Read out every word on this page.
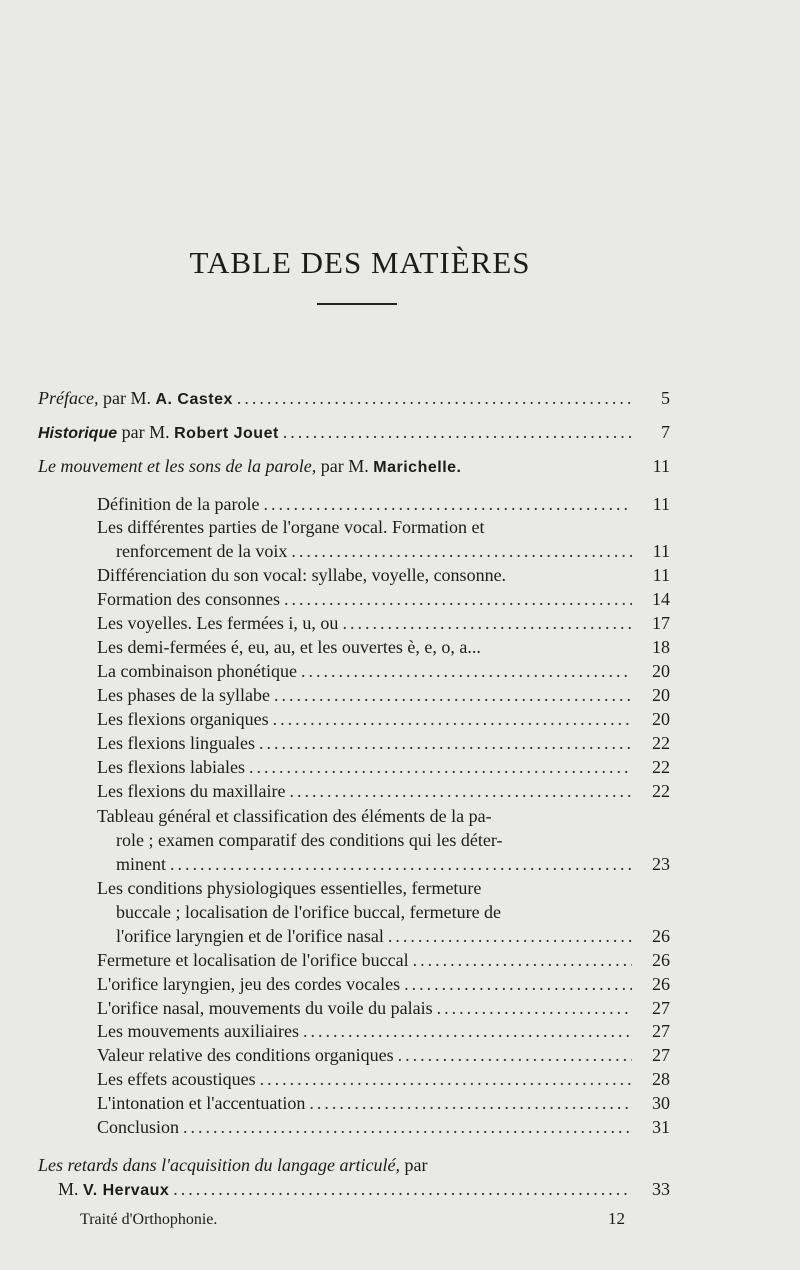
TABLE DES MATIÈRES
Préface, par M. A. Castex .....	5
Historique par M. Robert Jouet .....	7
Le mouvement et les sons de la parole, par M. Marichelle.	11
Définition de la parole .....	11
Les différentes parties de l'organe vocal. Formation et
renforcement de la voix .....	11
Différenciation du son vocal: syllabe, voyelle, consonne.	11
Formation des consonnes .....	14
Les voyelles. Les fermées i, u, ou .....	17
Les demi-fermées é, eu, au, et les ouvertes è, e, o, a...	18
La combinaison phonétique .....	20
Les phases de la syllabe .....	20
Les flexions organiques .....	20
Les flexions linguales .....	22
Les flexions labiales .....	22
Les flexions du maxillaire .....	22
Tableau général et classification des éléments de la pa-
role ; examen comparatif des conditions qui les déter-
minent .....	23
Les conditions physiologiques essentielles, fermeture
buccale ; localisation de l'orifice buccal, fermeture de
l'orifice laryngien et de l'orifice nasal .....	26
Fermeture et localisation de l'orifice buccal .....	26
L'orifice laryngien, jeu des cordes vocales .....	26
L'orifice nasal, mouvements du voile du palais .....	27
Les mouvements auxiliaires .....	27
Valeur relative des conditions organiques .....	27
Les effets acoustiques .....	28
L'intonation et l'accentuation .....	30
Conclusion .....	31
Les retards dans l'acquisition du langage articulé, par
M. V. Hervaux .....	33
Traité d'Orthophonie.	12
